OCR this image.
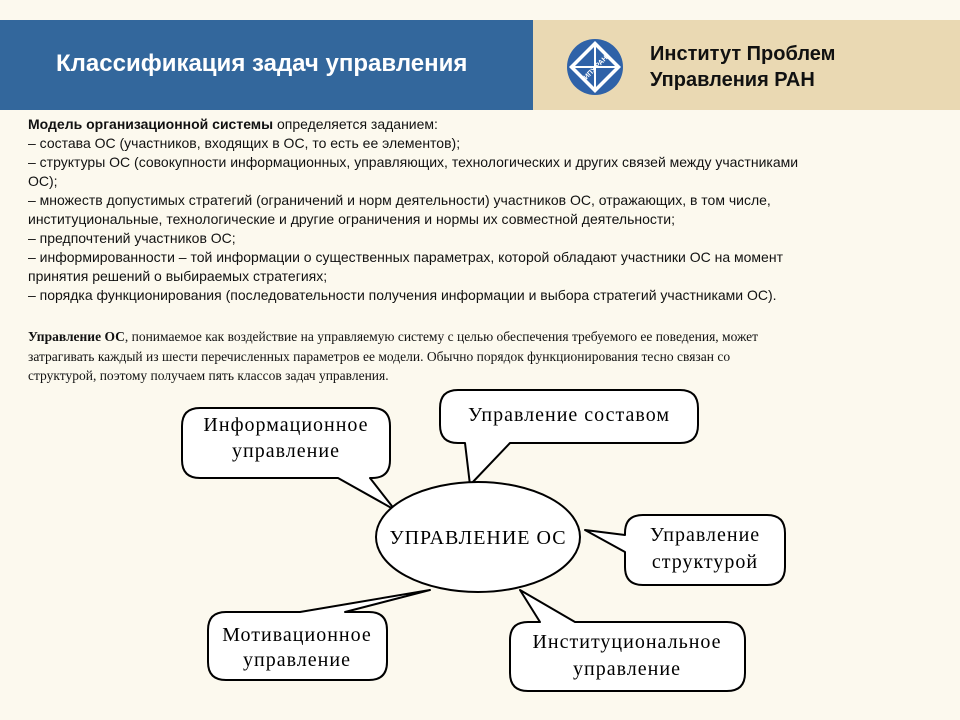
Классификация задач управления	ИПУ РАН
Институт Проблем
Управления РАН
Модель организационной системы определяется заданием:
– состава ОС (участников, входящих в ОС, то есть ее элементов);
– структуры ОС (совокупности информационных, управляющих, технологических и других связей между участниками
ОС);
– множеств допустимых стратегий (ограничений и норм деятельности) участников ОС, отражающих, в том числе,
институциональные, технологические и другие ограничения и нормы их совместной деятельности;
– предпочтений участников ОС;
– информированности – той информации о существенных параметрах, которой обладают участники ОС на момент
принятия решений о выбираемых стратегиях;
– порядка функционирования (последовательности получения информации и выбора стратегий участниками ОС).
Управление ОС, понимаемое как воздействие на управляемую систему с целью обеспечения требуемого ее поведения, может
затрагивать каждый из шести перечисленных параметров ее модели. Обычно порядок функционирования тесно связан со
структурой, поэтому получаем пять классов задач управления.
УПРАВЛЕНИЕ ОС
Информационное
управление
Управление составом
Управление
структурой
Мотивационное
управление
Институциональное
управление
